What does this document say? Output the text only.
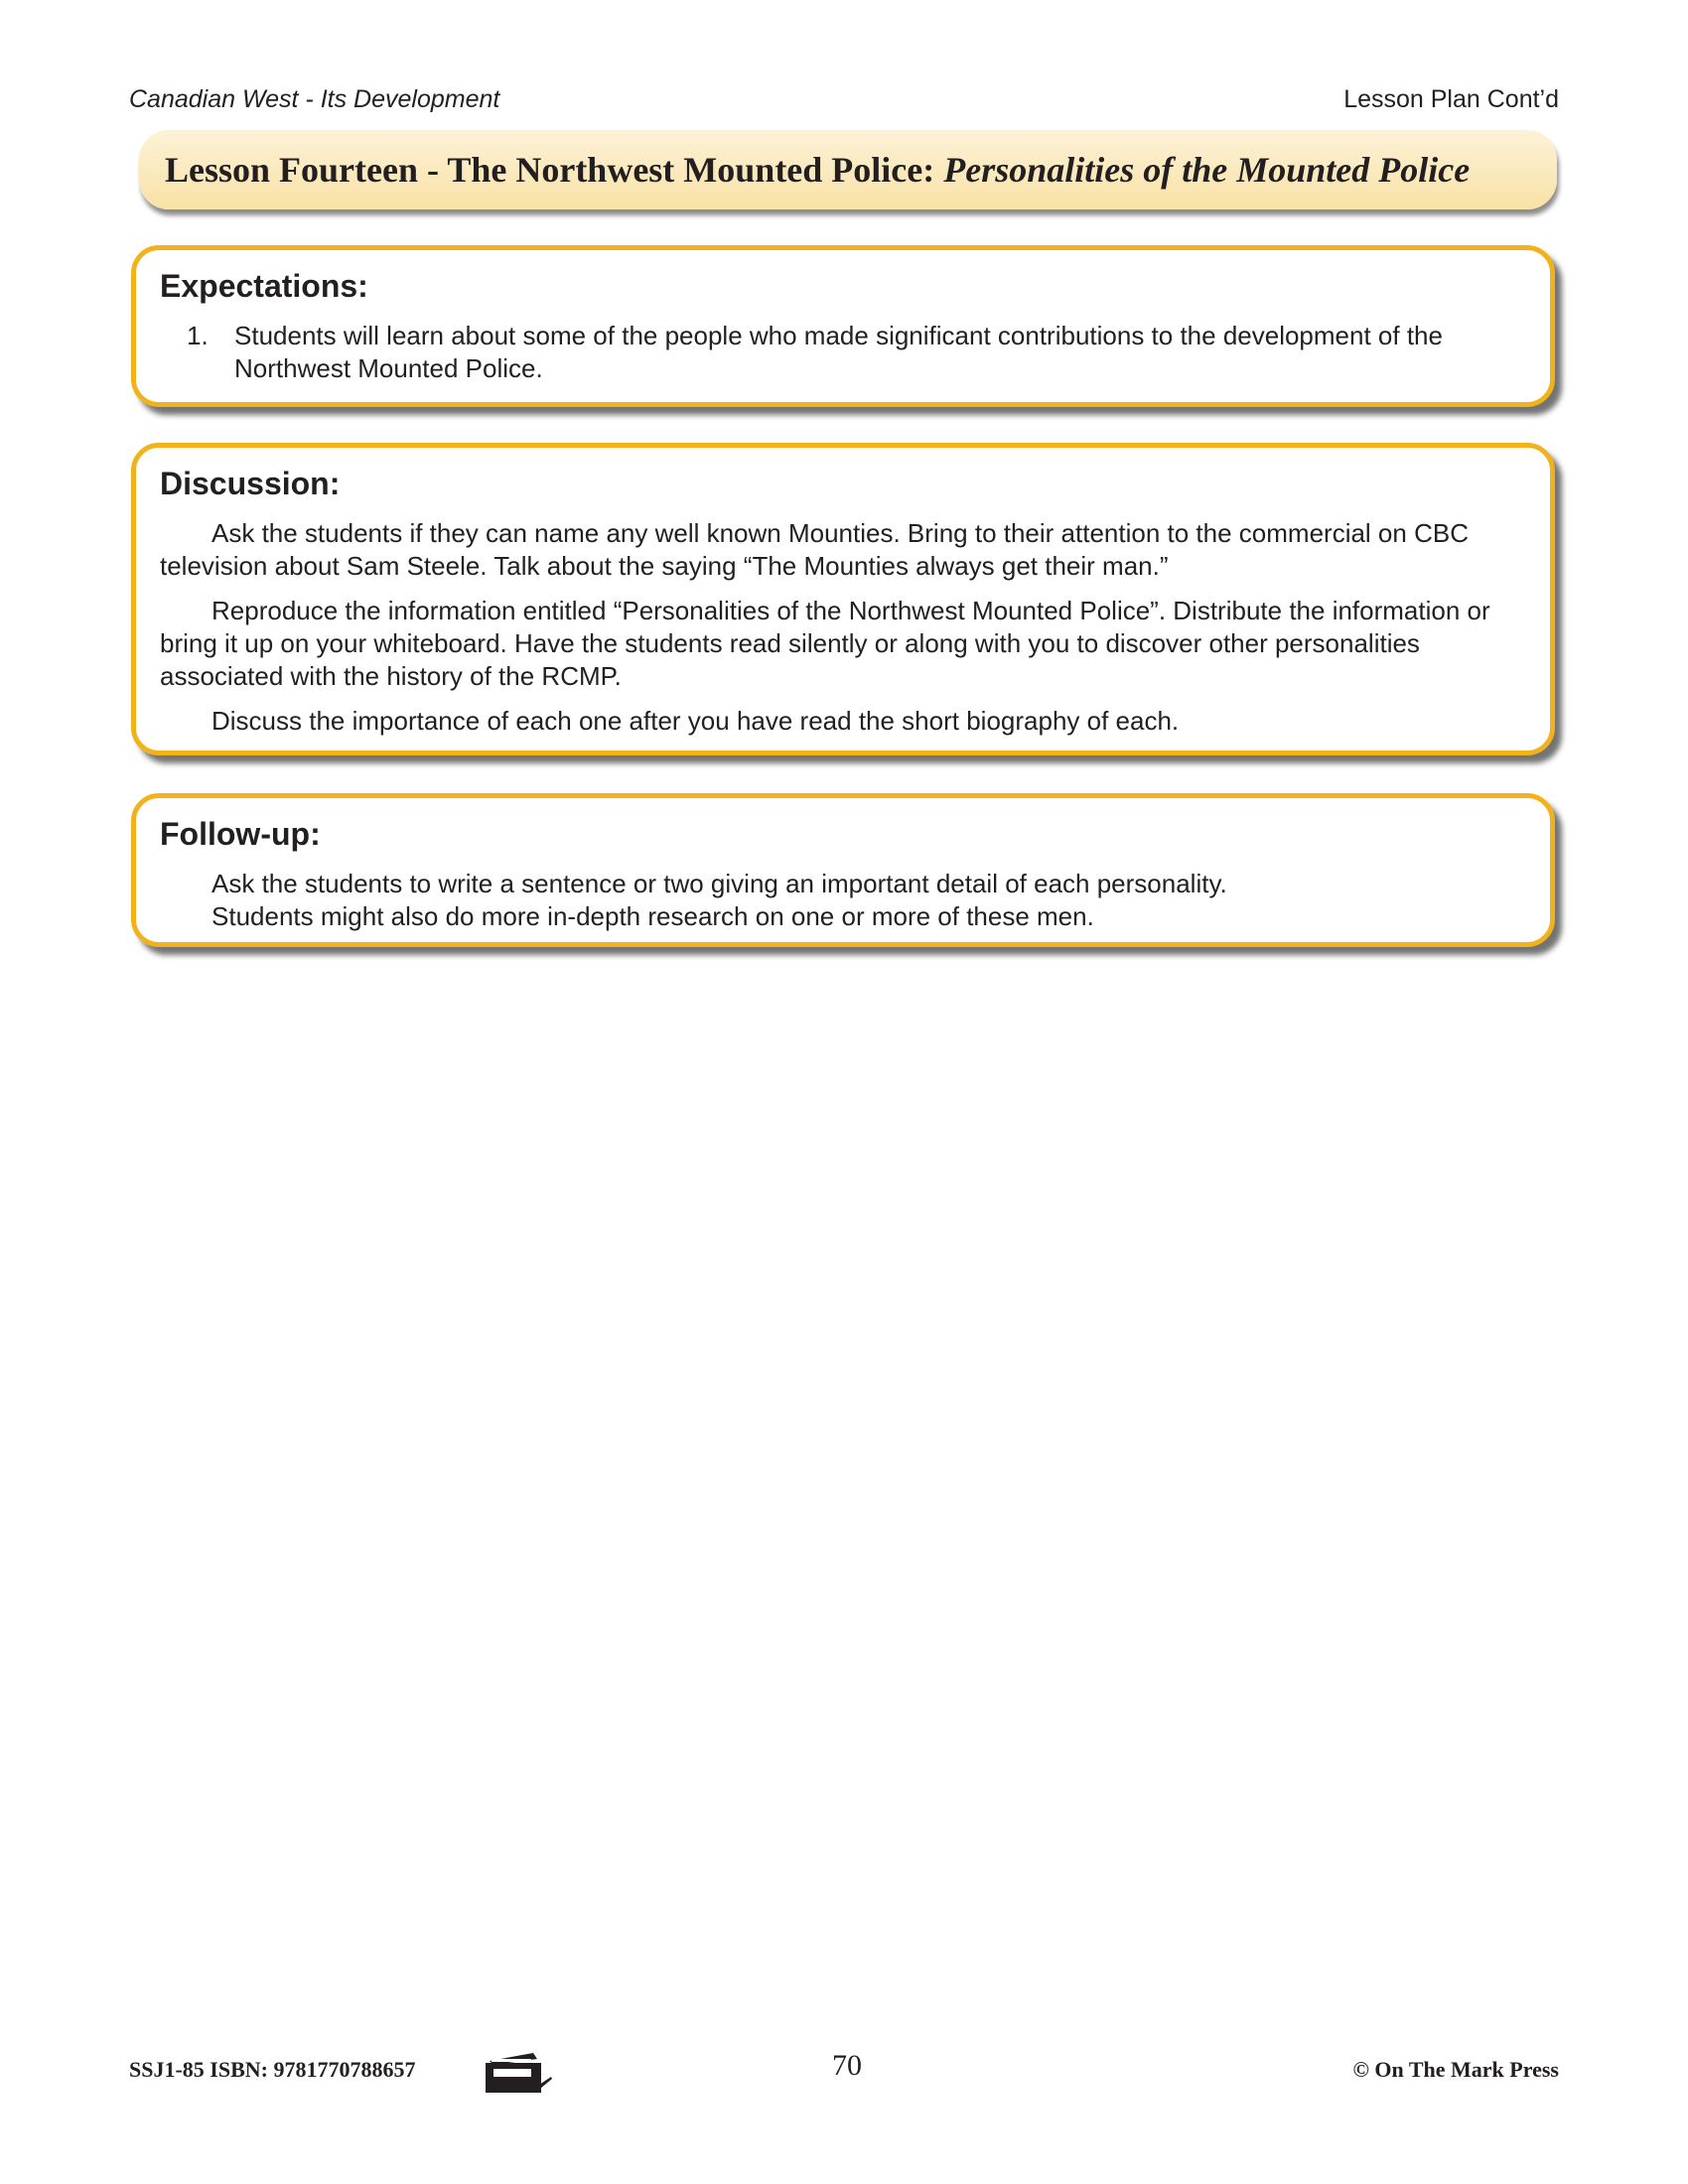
Canadian West - Its Development	Lesson Plan Cont’d
Lesson Fourteen - The Northwest Mounted Police: Personalities of the Mounted Police
Expectations:
1.	Students will learn about some of the people who made significant contributions to the development of the Northwest Mounted Police.
Discussion:

Ask the students if they can name any well known Mounties. Bring to their attention to the commercial on CBC television about Sam Steele. Talk about the saying “The Mounties always get their man.”

Reproduce the information entitled “Personalities of the Northwest Mounted Police”. Distribute the information or bring it up on your whiteboard. Have the students read silently or along with you to discover other personalities associated with the history of the RCMP.

Discuss the importance of each one after you have read the short biography of each.

Follow-up:

Ask the students to write a sentence or two giving an important detail of each personality.

Students might also do more in-depth research on one or more of these men.

SSJ1-85 ISBN: 9781770788657	70	© On The Mark Press
